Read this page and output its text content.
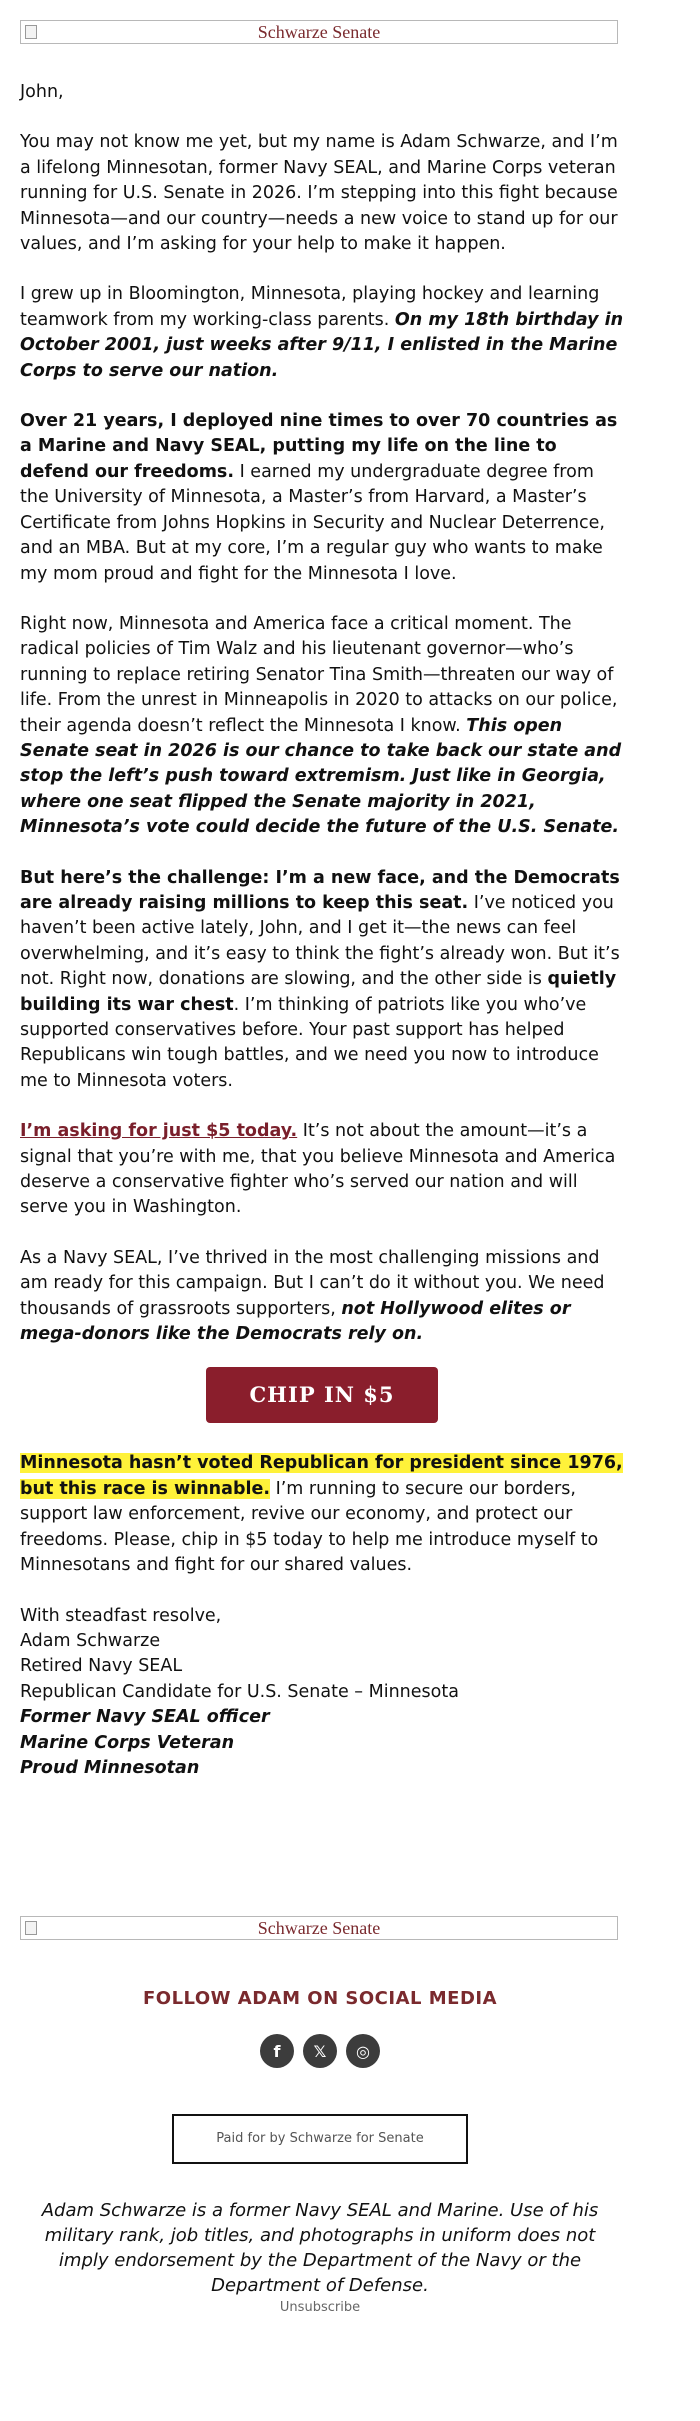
Schwarze Senate

John,

You may not know me yet, but my name is Adam Schwarze, and I’m a lifelong Minnesotan, former Navy SEAL, and Marine Corps veteran running for U.S. Senate in 2026. I’m stepping into this fight because Minnesota—and our country—needs a new voice to stand up for our values, and I’m asking for your help to make it happen.

I grew up in Bloomington, Minnesota, playing hockey and learning teamwork from my working-class parents. On my 18th birthday in October 2001, just weeks after 9/11, I enlisted in the Marine Corps to serve our nation.

Over 21 years, I deployed nine times to over 70 countries as a Marine and Navy SEAL, putting my life on the line to defend our freedoms. I earned my undergraduate degree from the University of Minnesota, a Master’s from Harvard, a Master’s Certificate from Johns Hopkins in Security and Nuclear Deterrence, and an MBA. But at my core, I’m a regular guy who wants to make my mom proud and fight for the Minnesota I love.

Right now, Minnesota and America face a critical moment. The radical policies of Tim Walz and his lieutenant governor—who’s running to replace retiring Senator Tina Smith—threaten our way of life. From the unrest in Minneapolis in 2020 to attacks on our police, their agenda doesn’t reflect the Minnesota I know. This open Senate seat in 2026 is our chance to take back our state and stop the left’s push toward extremism. Just like in Georgia, where one seat flipped the Senate majority in 2021, Minnesota’s vote could decide the future of the U.S. Senate.

But here’s the challenge: I’m a new face, and the Democrats are already raising millions to keep this seat. I’ve noticed you haven’t been active lately, John, and I get it—the news can feel overwhelming, and it’s easy to think the fight’s already won. But it’s not. Right now, donations are slowing, and the other side is quietly building its war chest. I’m thinking of patriots like you who’ve supported conservatives before. Your past support has helped Republicans win tough battles, and we need you now to introduce me to Minnesota voters.

I’m asking for just $5 today. It’s not about the amount—it’s a signal that you’re with me, that you believe Minnesota and America deserve a conservative fighter who’s served our nation and will serve you in Washington.

As a Navy SEAL, I’ve thrived in the most challenging missions and am ready for this campaign. But I can’t do it without you. We need thousands of grassroots supporters, not Hollywood elites or mega-donors like the Democrats rely on.

CHIP IN $5

Minnesota hasn’t voted Republican for president since 1976, but this race is winnable. I’m running to secure our borders, support law enforcement, revive our economy, and protect our freedoms. Please, chip in $5 today to help me introduce myself to Minnesotans and fight for our shared values.

With steadfast resolve,

Adam Schwarze

Retired Navy SEAL

Republican Candidate for U.S. Senate – Minnesota

Former Navy SEAL officer

Marine Corps Veteran

Proud Minnesotan

Schwarze Senate
FOLLOW ADAM ON SOCIAL MEDIA
f	𝕏	◎
Paid for by Schwarze for Senate
Adam Schwarze is a former Navy SEAL and Marine. Use of his military rank, job titles, and photographs in uniform does not imply endorsement by the Department of the Navy or the Department of Defense.
Unsubscribe
